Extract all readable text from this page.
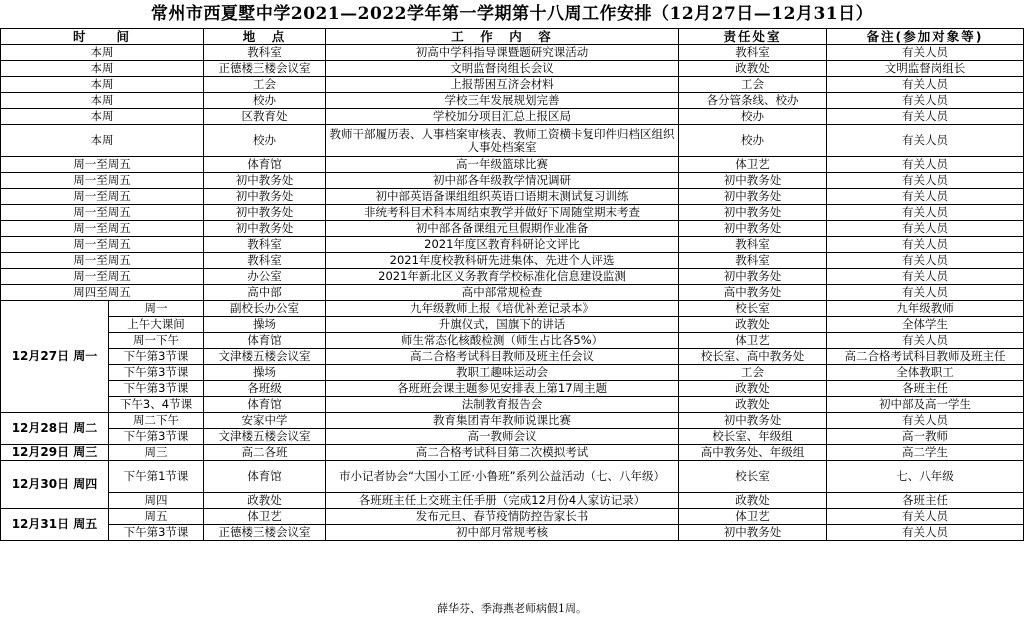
常州市西夏墅中学2021—2022学年第一学期第十八周工作安排（12月27日—12月31日）
时　　间		地　点	工　作　内　容	责任处室	备注(参加对象等)
本周		教科室	初高中学科指导课暨题研究课活动	教科室	有关人员
本周		正德楼三楼会议室	文明监督岗组长会议	政教处	文明监督岗组长
本周		工会	上报帮困互济会材料	工会	有关人员
本周		校办	学校三年发展规划完善	各分管条线、校办	有关人员
本周		区教育处	学校加分项目汇总上报区局	校办	有关人员
本周		校办	教师干部履历表、人事档案审核表、教师工资横卡复印件归档区组织人事处档案室	校办	有关人员
周一至周五		体育馆	高一年级篮球比赛	体卫艺	有关人员
周一至周五		初中教务处	初中部各年级教学情况调研	初中教务处	有关人员
周一至周五		初中教务处	初中部英语备课组组织英语口语期末测试复习训练	初中教务处	有关人员
周一至周五		初中教务处	非统考科目术科本周结束教学并做好下周随堂期末考查	初中教务处	有关人员
周一至周五		初中教务处	初中部各备课组元旦假期作业准备	初中教务处	有关人员
周一至周五		教科室	2021年度区教育科研论文评比	教科室	有关人员
周一至周五		教科室	2021年度校教科研先进集体、先进个人评选	教科室	有关人员
周一至周五		办公室	2021年新北区义务教育学校标准化信息建设监测	初中教务处	有关人员
周四至周五		高中部	高中部常规检查	高中教务处	有关人员
12月27日 周一	周一	副校长办公室	九年级教师上报《培优补差记录本》	校长室	九年级教师
	上午大课间	操场	升旗仪式，国旗下的讲话	政教处	全体学生
	周一下午	体育馆	师生常态化核酸检测（师生占比各5%）	体卫艺	有关人员
	下午第3节课	文津楼五楼会议室	高二合格考试科目教师及班主任会议	校长室、高中教务处	高二合格考试科目教师及班主任
	下午第3节课	操场	教职工趣味运动会	工会	全体教职工
	下午第3节课	各班级	各班班会课主题参见安排表上第17周主题	政教处	各班主任
	下午3、4节课	体育馆	法制教育报告会	政教处	初中部及高一学生
12月28日 周二	周二下午	安家中学	教育集团青年教师说课比赛	初中教务处	有关人员
	下午第3节课	文津楼五楼会议室	高一教师会议	校长室、年级组	高一教师
12月29日 周三	周三	高二各班	高二合格考试科目第二次模拟考试	高中教务处、年级组	高二学生
12月30日 周四	下午第1节课	体育馆	市小记者协会“大国小工匠·小鲁班”系列公益活动（七、八年级）	校长室	七、八年级
	周四	政教处	各班班主任上交班主任手册（完成12月份4人家访记录）	政教处	各班主任
12月31日 周五	周五	体卫艺	发布元旦、春节疫情防控告家长书	体卫艺	有关人员
	下午第3节课	正德楼三楼会议室	初中部月常规考核	初中教务处	有关人员
薛华芬、季海燕老师病假1周。
